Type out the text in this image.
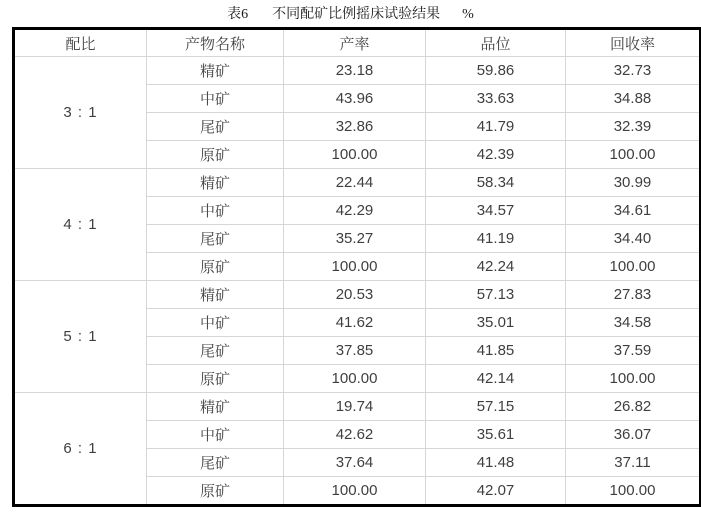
表6 不同配矿比例摇床试验结果 %
配比	产物名称	产率	品位	回收率
3 : 1	精矿	23.18	59.86	32.73
	中矿	43.96	33.63	34.88
	尾矿	32.86	41.79	32.39
	原矿	100.00	42.39	100.00
4 : 1	精矿	22.44	58.34	30.99
	中矿	42.29	34.57	34.61
	尾矿	35.27	41.19	34.40
	原矿	100.00	42.24	100.00
5 : 1	精矿	20.53	57.13	27.83
	中矿	41.62	35.01	34.58
	尾矿	37.85	41.85	37.59
	原矿	100.00	42.14	100.00
6 : 1	精矿	19.74	57.15	26.82
	中矿	42.62	35.61	36.07
	尾矿	37.64	41.48	37.11
	原矿	100.00	42.07	100.00
